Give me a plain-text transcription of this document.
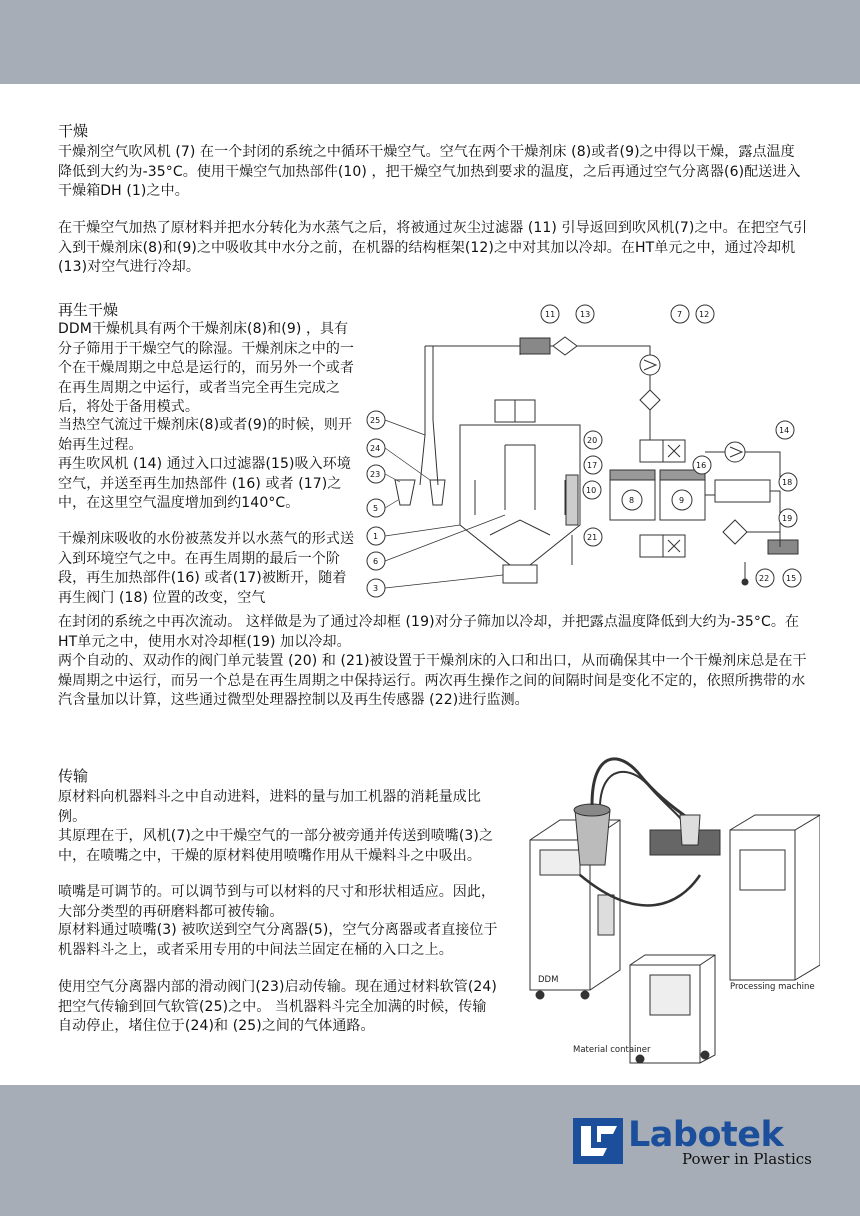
干燥

干燥剂空气吹风机 (7) 在一个封闭的系统之中循环干燥空气。空气在两个干燥剂床 (8)或者(9)之中得以干燥，露点温度降低到大约为-35°C。使用干燥空气加热部件(10) ，把干燥空气加热到要求的温度，之后再通过空气分离器(6)配送进入干燥箱DH (1)之中。

在干燥空气加热了原材料并把水分转化为水蒸气之后，将被通过灰尘过滤器 (11) 引导返回到吹风机(7)之中。在把空气引入到干燥剂床(8)和(9)之中吸收其中水分之前，在机器的结构框架(12)之中对其加以冷却。在HT单元之中，通过冷却机 (13)对空气进行冷却。

再生干燥

DDM干燥机具有两个干燥剂床(8)和(9) ，具有分子筛用于干燥空气的除湿。干燥剂床之中的一个在干燥周期之中总是运行的，而另外一个或者在再生周期之中运行，或者当完全再生完成之后，将处于备用模式。

当热空气流过干燥剂床(8)或者(9)的时候，则开始再生过程。

再生吹风机 (14) 通过入口过滤器(15)吸入环境空气，并送至再生加热部件 (16) 或者 (17)之中，在这里空气温度增加到约140°C。

干燥剂床吸收的水份被蒸发并以水蒸气的形式送入到环境空气之中。在再生周期的最后一个阶段，再生加热部件(16) 或者(17)被断开，随着再生阀门 (18) 位置的改变，空气

在封闭的系统之中再次流动。 这样做是为了通过冷却框 (19)对分子筛加以冷却，并把露点温度降低到大约为-35°C。在HT单元之中，使用水对冷却框(19) 加以冷却。

两个自动的、双动作的阀门单元装置 (20) 和 (21)被设置于干燥剂床的入口和出口，从而确保其中一个干燥剂床总是在干燥周期之中运行，而另一个总是在再生周期之中保持运行。两次再生操作之间的间隔时间是变化不定的，依照所携带的水汽含量加以计算，这些通过微型处理器控制以及再生传感器 (22)进行监测。

8	9
11	13	7 12
14
16
17
20
21
18
19
15
22
10
25
24
23
5
1
6
3
传输

原材料向机器料斗之中自动进料，进料的量与加工机器的消耗量成比例。

其原理在于，风机(7)之中干燥空气的一部分被旁通并传送到喷嘴(3)之中，在喷嘴之中，干燥的原材料使用喷嘴作用从干燥料斗之中吸出。

喷嘴是可调节的。可以调节到与可以材料的尺寸和形状相适应。因此，大部分类型的再研磨料都可被传输。

原材料通过喷嘴(3) 被吹送到空气分离器(5)，空气分离器或者直接位于机器料斗之上，或者采用专用的中间法兰固定在桶的入口之上。

使用空气分离器内部的滑动阀门(23)启动传输。现在通过材料软管(24)把空气传输到回气软管(25)之中。 当机器料斗完全加满的时候，传输自动停止，堵住位于(24)和 (25)之间的气体通路。

DDM
Processing machine
Material container
Labotek
Power in Plastics
